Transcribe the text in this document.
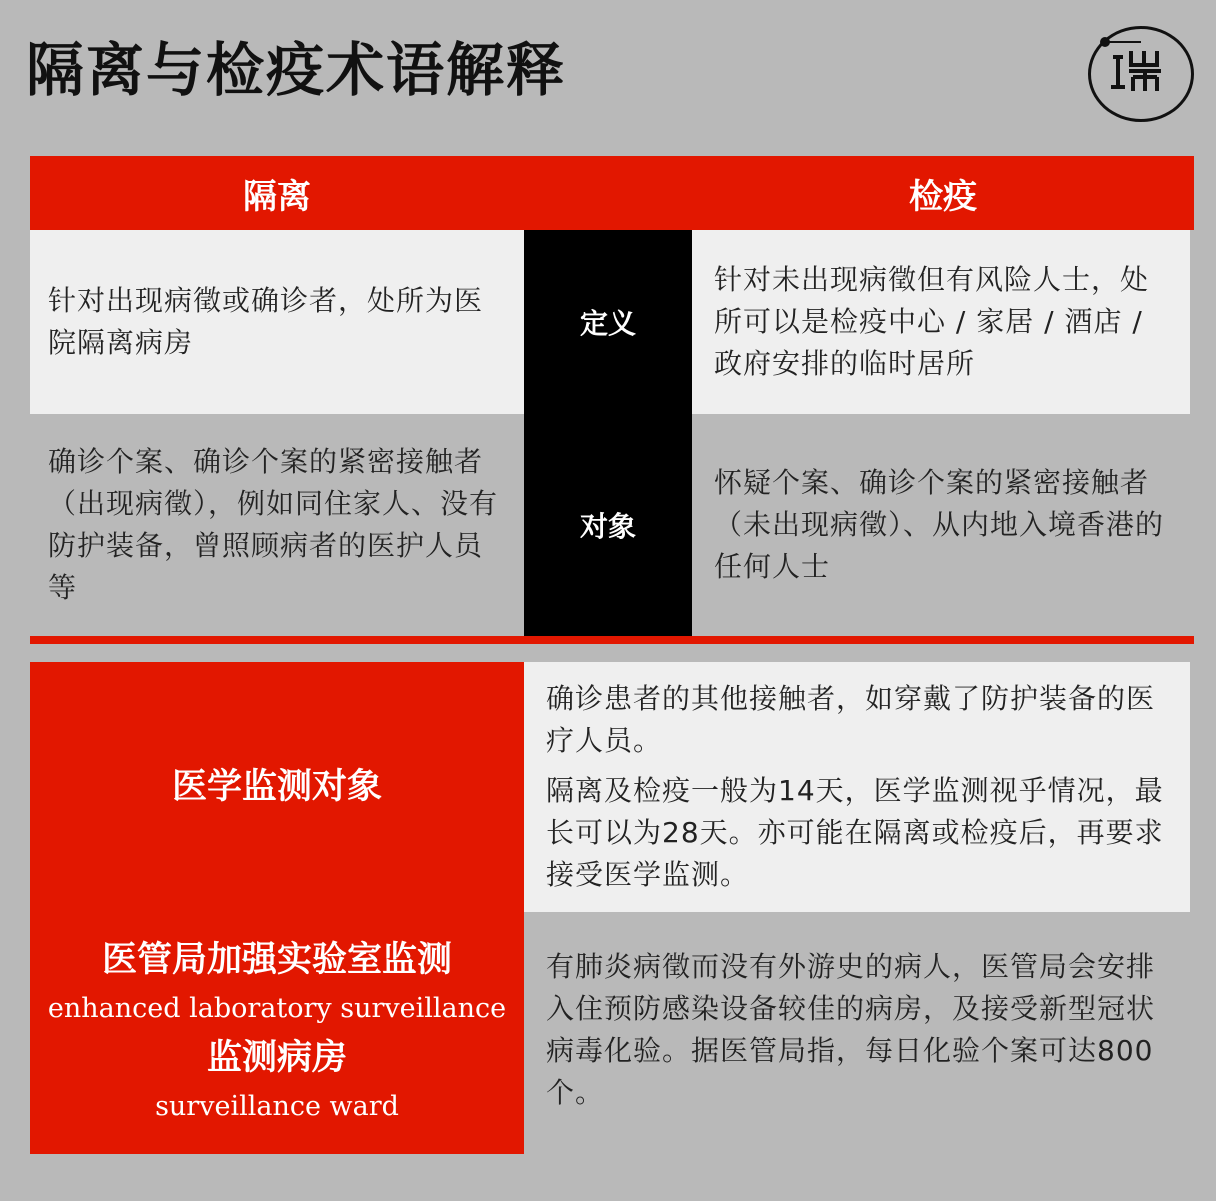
隔离与检疫术语解释
隔离	检疫
针对出现病徵或确诊者，处所为医院隔离病房
定义
针对未出现病徵但有风险人士，处所可以是检疫中心 / 家居 / 酒店 / 政府安排的临时居所
确诊个案、确诊个案的紧密接触者（出现病徵），例如同住家人、没有防护装备，曾照顾病者的医护人员等
对象
怀疑个案、确诊个案的紧密接触者（未出现病徵）、从内地入境香港的任何人士
医学监测对象

确诊患者的其他接触者，如穿戴了防护装备的医疗人员。

隔离及检疫一般为14天，医学监测视乎情况，最长可以为28天。亦可能在隔离或检疫后，再要求接受医学监测。

医管局加强实验室监测
enhanced laboratory surveillance
监测病房
surveillance ward

有肺炎病徵而没有外游史的病人，医管局会安排入住预防感染设备较佳的病房，及接受新型冠状病毒化验。据医管局指，每日化验个案可达800个。
